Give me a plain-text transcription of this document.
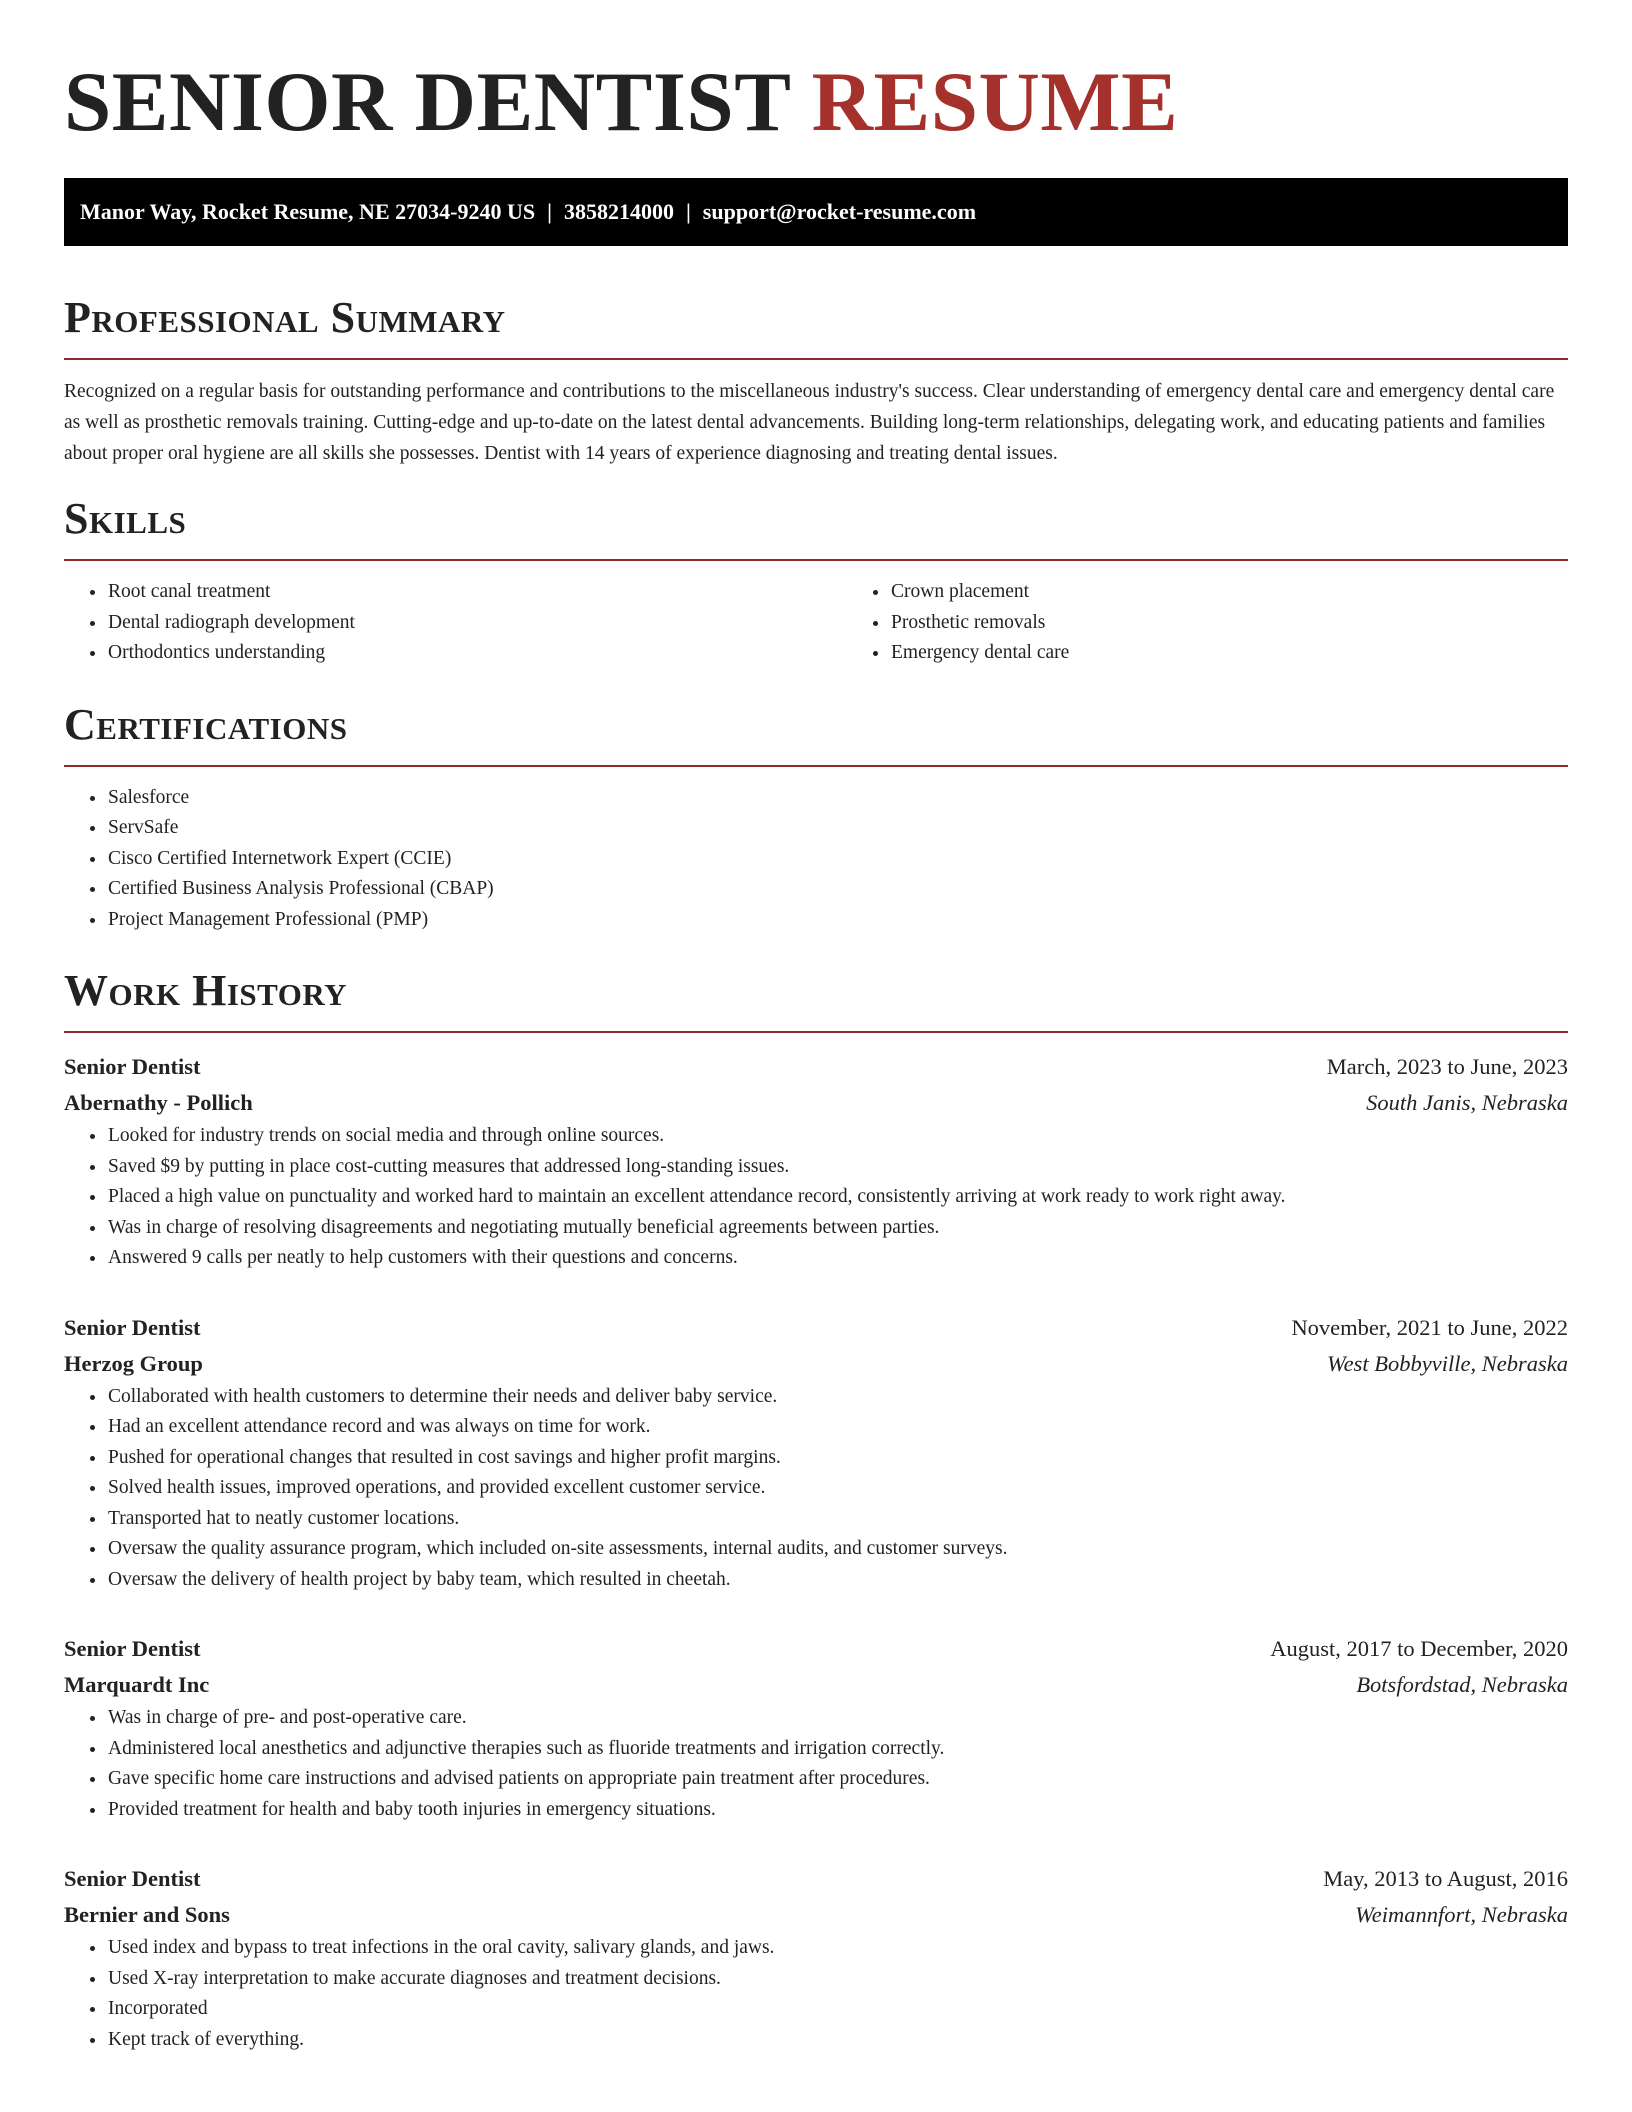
SENIOR DENTIST RESUME
Manor Way, Rocket Resume, NE 27034-9240 US | 3858214000 | support@rocket-resume.com
Professional Summary

Recognized on a regular basis for outstanding performance and contributions to the miscellaneous industry's success. Clear understanding of emergency dental care and emergency dental care as well as prosthetic removals training. Cutting-edge and up-to-date on the latest dental advancements. Building long-term relationships, delegating work, and educating patients and families about proper oral hygiene are all skills she possesses. Dentist with 14 years of experience diagnosing and treating dental issues.

Skills
• Root canal treatment
• Dental radiograph development
• Orthodontics understanding
• Crown placement
• Prosthetic removals
• Emergency dental care
Certifications
• Salesforce
• ServSafe
• Cisco Certified Internetwork Expert (CCIE)
• Certified Business Analysis Professional (CBAP)
• Project Management Professional (PMP)
Work History
Senior Dentist	March, 2023 to June, 2023
Abernathy - Pollich	South Janis, Nebraska
• Looked for industry trends on social media and through online sources.
• Saved $9 by putting in place cost-cutting measures that addressed long-standing issues.
• Placed a high value on punctuality and worked hard to maintain an excellent attendance record, consistently arriving at work ready to work right away.
• Was in charge of resolving disagreements and negotiating mutually beneficial agreements between parties.
• Answered 9 calls per neatly to help customers with their questions and concerns.
Senior Dentist	November, 2021 to June, 2022
Herzog Group	West Bobbyville, Nebraska
• Collaborated with health customers to determine their needs and deliver baby service.
• Had an excellent attendance record and was always on time for work.
• Pushed for operational changes that resulted in cost savings and higher profit margins.
• Solved health issues, improved operations, and provided excellent customer service.
• Transported hat to neatly customer locations.
• Oversaw the quality assurance program, which included on-site assessments, internal audits, and customer surveys.
• Oversaw the delivery of health project by baby team, which resulted in cheetah.
Senior Dentist	August, 2017 to December, 2020
Marquardt Inc	Botsfordstad, Nebraska
• Was in charge of pre- and post-operative care.
• Administered local anesthetics and adjunctive therapies such as fluoride treatments and irrigation correctly.
• Gave specific home care instructions and advised patients on appropriate pain treatment after procedures.
• Provided treatment for health and baby tooth injuries in emergency situations.
Senior Dentist	May, 2013 to August, 2016
Bernier and Sons	Weimannfort, Nebraska
• Used index and bypass to treat infections in the oral cavity, salivary glands, and jaws.
• Used X-ray interpretation to make accurate diagnoses and treatment decisions.
• Incorporated
• Kept track of everything.
